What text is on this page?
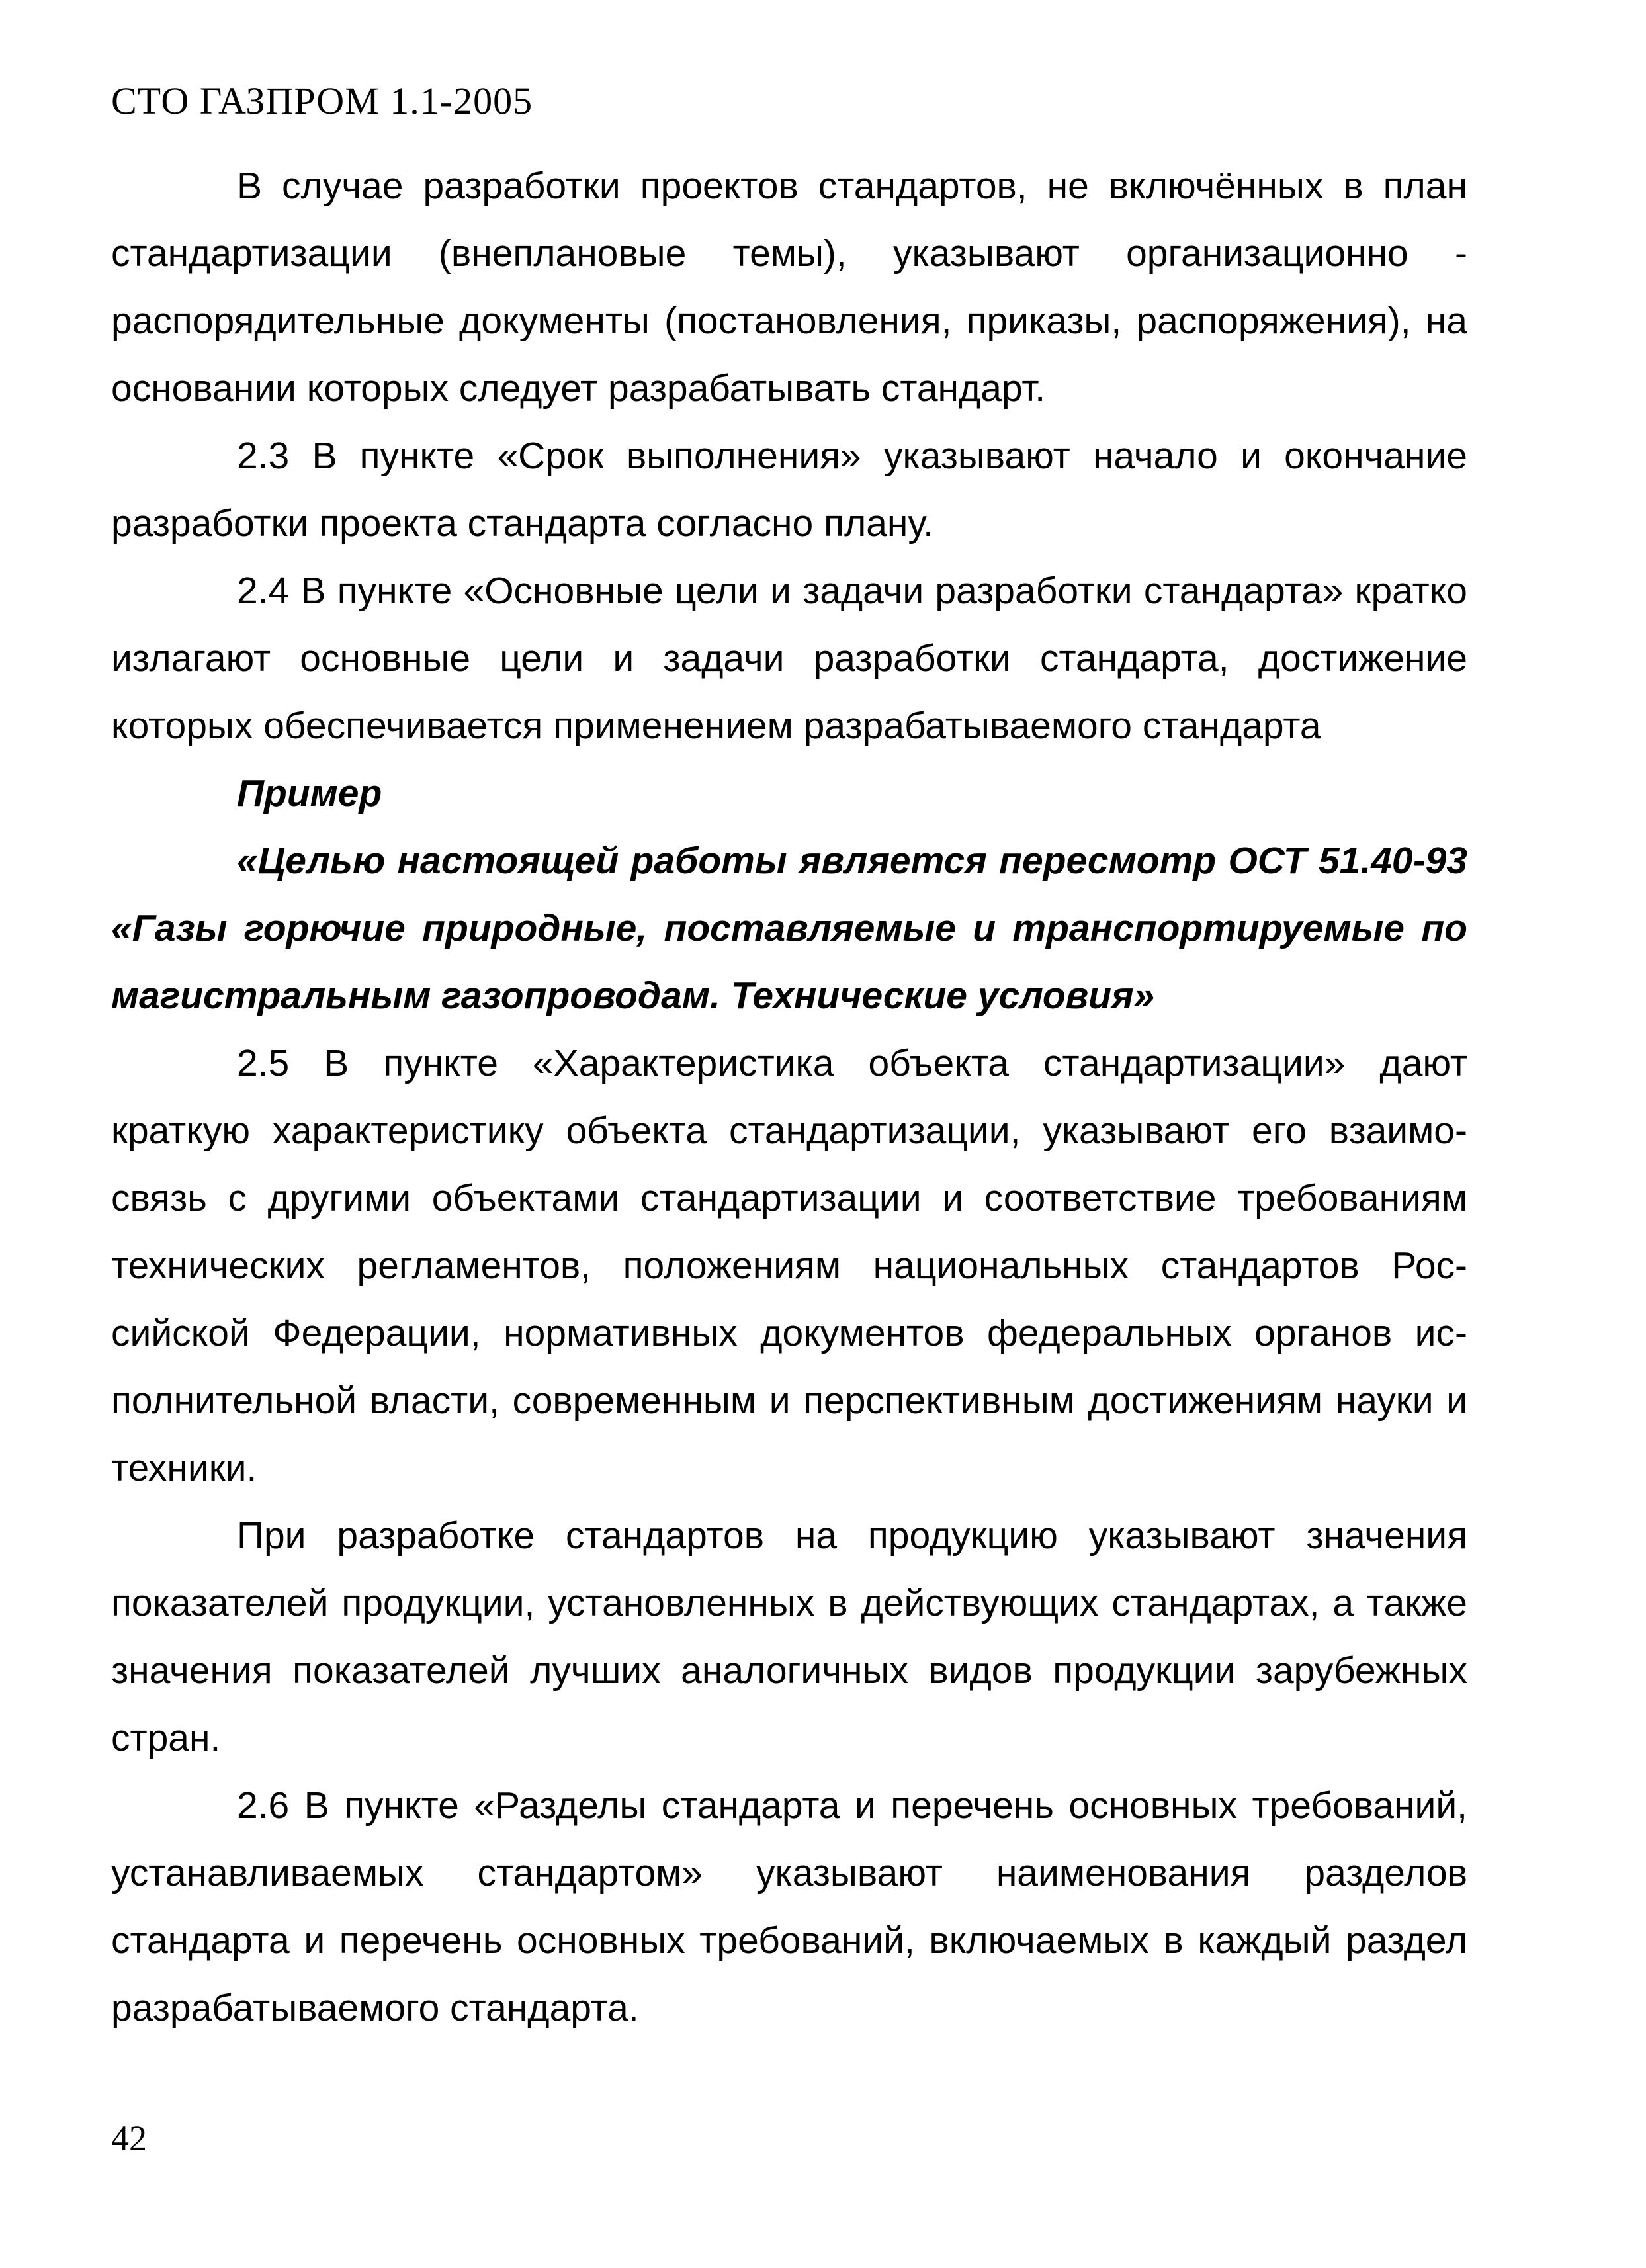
СТО ГАЗПРОМ 1.1-2005

В случае разработки проектов стандартов, не включённых в план стандартизации (внеплановые темы), указывают организационно - распорядительные документы (постановления, приказы, распоряжения), на основании которых следует разрабатывать стандарт.

2.3 В пункте «Срок выполнения» указывают начало и окончание разработки проекта стандарта согласно плану.

2.4 В пункте «Основные цели и задачи разработки стандарта» кратко излагают основные цели и задачи разработки стандарта, достижение которых обеспечивается применением разрабатываемого стандарта

Пример

«Целью настоящей работы является пересмотр ОСТ 51.40-93 «Газы горючие природные, поставляемые и транспортируемые по магистральным газопроводам. Технические условия»

2.5 В пункте «Характеристика объекта стандартизации» дают краткую характеристику объекта стандартизации, указывают его взаимосвязь с другими объектами стандартизации и соответствие требованиям технических регламентов, положениям национальных стандартов Российской Федерации, нормативных документов федеральных органов исполнительной власти, современным и перспективным достижениям науки и техники.

При разработке стандартов на продукцию указывают значения показателей продукции, установленных в действующих стандартах, а также значения показателей лучших аналогичных видов продукции зарубежных стран.

2.6 В пункте «Разделы стандарта и перечень основных требований, устанавливаемых стандартом» указывают наименования разделов стандарта и перечень основных требований, включаемых в каждый раздел разрабатываемого стандарта.

42
